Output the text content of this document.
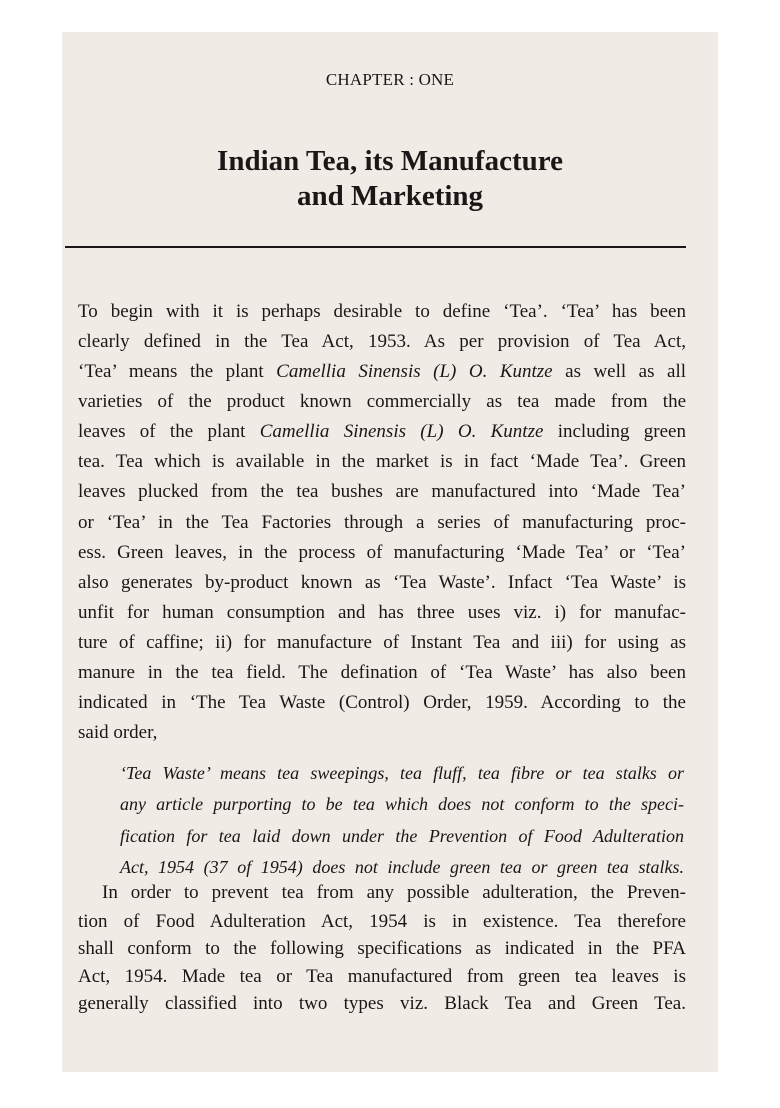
CHAPTER : ONE
Indian Tea, its Manufacture
and Marketing
To begin with it is perhaps desirable to define ‘Tea’. ‘Tea’ has been
clearly defined in the Tea Act, 1953. As per provision of Tea Act,
‘Tea’ means the plant Camellia Sinensis (L) O. Kuntze as well as all
varieties of the product known commercially as tea made from the
leaves of the plant Camellia Sinensis (L) O. Kuntze including green
tea. Tea which is available in the market is in fact ‘Made Tea’. Green
leaves plucked from the tea bushes are manufactured into ‘Made Tea’
or ‘Tea’ in the Tea Factories through a series of manufacturing proc-
ess. Green leaves, in the process of manufacturing ‘Made Tea’ or ‘Tea’
also generates by-product known as ‘Tea Waste’. Infact ‘Tea Waste’ is
unfit for human consumption and has three uses viz. i) for manufac-
ture of caffine; ii) for manufacture of Instant Tea and iii) for using as
manure in the tea field. The defination of ‘Tea Waste’ has also been
indicated in ‘The Tea Waste (Control) Order, 1959. According to the
said order,
‘Tea Waste’ means tea sweepings, tea fluff, tea fibre or tea stalks or
any article purporting to be tea which does not conform to the speci-
fication for tea laid down under the Prevention of Food Adulteration
Act, 1954 (37 of 1954) does not include green tea or green tea stalks.
In order to prevent tea from any possible adulteration, the Preven-
tion of Food Adulteration Act, 1954 is in existence. Tea therefore
shall conform to the following specifications as indicated in the PFA
Act, 1954. Made tea or Tea manufactured from green tea leaves is
generally classified into two types viz. Black Tea and Green Tea.
